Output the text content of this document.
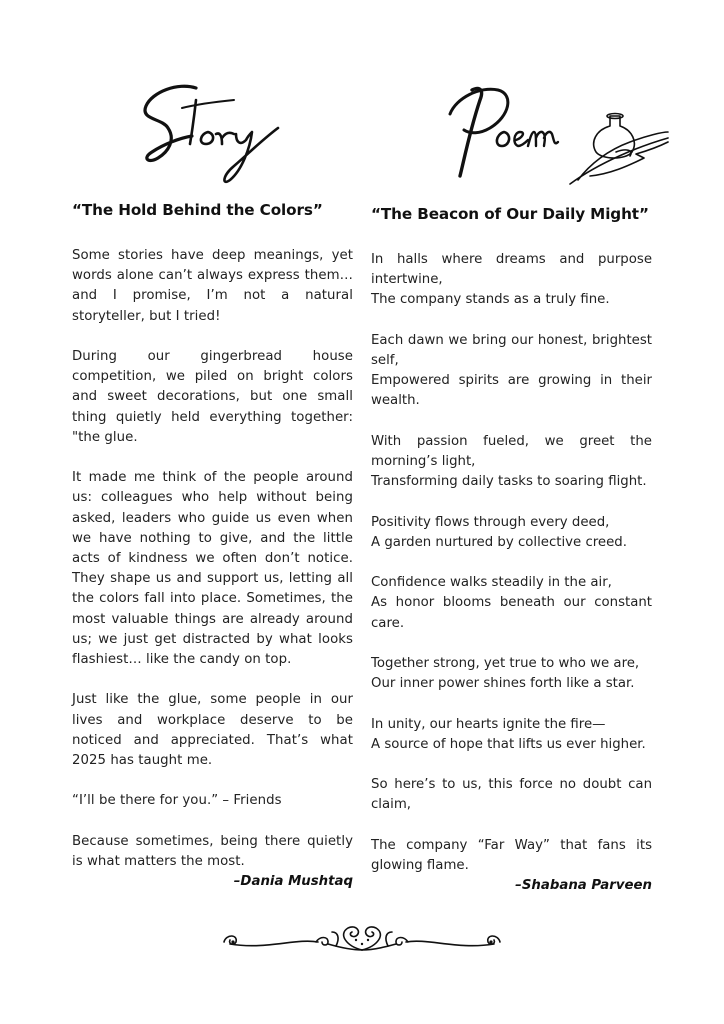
“The Hold Behind the Colors”

Some stories have deep meanings, yet words alone can’t always express them… and I promise, I’m not a natural storyteller, but I tried!

During our gingerbread house competition, we piled on bright colors and sweet decorations, but one small thing quietly held everything together: "the glue.

It made me think of the people around us: colleagues who help without being asked, leaders who guide us even when we have nothing to give, and the little acts of kindness we often don’t notice. They shape us and support us, letting all the colors fall into place. Sometimes, the most valuable things are already around us; we just get distracted by what looks flashiest… like the candy on top.

Just like the glue, some people in our lives and workplace deserve to be noticed and appreciated. That’s what 2025 has taught me.

“I’ll be there for you.” – Friends

Because sometimes, being there quietly is what matters the most.

–Dania Mushtaq
“The Beacon of Our Daily Might”
In halls where dreams and purpose intertwine,
The company stands as a truly fine.
Each dawn we bring our honest, brightest self,
Empowered spirits are growing in their wealth.
With passion fueled, we greet the morning’s light,
Transforming daily tasks to soaring flight.
Positivity flows through every deed,
A garden nurtured by collective creed.
Confidence walks steadily in the air,
As honor blooms beneath our constant care.
Together strong, yet true to who we are,
Our inner power shines forth like a star.
In unity, our hearts ignite the fire—
A source of hope that lifts us ever higher.
So here’s to us, this force no doubt can claim,
The company “Far Way” that fans its glowing flame.
–Shabana Parveen
